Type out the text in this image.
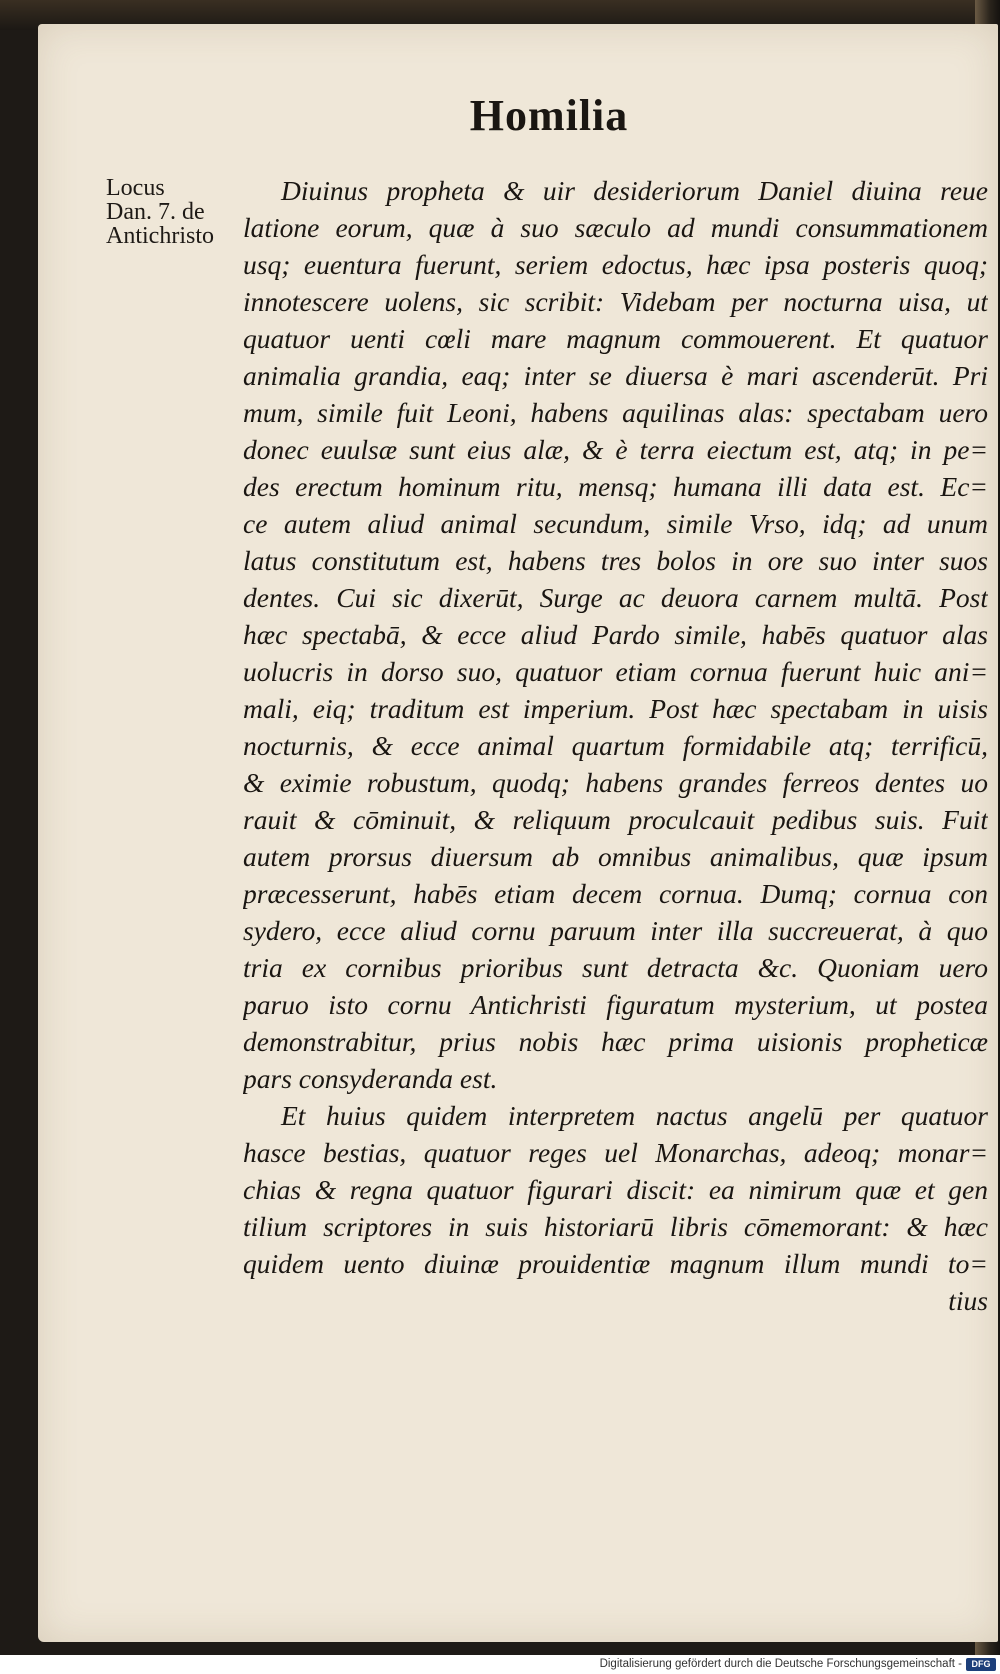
Homilia
Locus
Dan. 7. de
Antichristo
Diuinus propheta & uir desideriorum Daniel diuina reue
latione eorum, quæ à suo sæculo ad mundi consummationem
usq; euentura fuerunt, seriem edoctus, hæc ipsa posteris quoq;
innotescere uolens, sic scribit: Videbam per nocturna uisa, ut
quatuor uenti cœli mare magnum commouerent. Et quatuor
animalia grandia, eaq; inter se diuersa è mari ascenderūt. Pri
mum, simile fuit Leoni, habens aquilinas alas: spectabam uero
donec euulsæ sunt eius alæ, & è terra eiectum est, atq; in pe=
des erectum hominum ritu, mensq; humana illi data est. Ec=
ce autem aliud animal secundum, simile Vrso, idq; ad unum
latus constitutum est, habens tres bolos in ore suo inter suos
dentes. Cui sic dixerūt, Surge ac deuora carnem multā. Post
hæc spectabā, & ecce aliud Pardo simile, habēs quatuor alas
uolucris in dorso suo, quatuor etiam cornua fuerunt huic ani=
mali, eiq; traditum est imperium. Post hæc spectabam in uisis
nocturnis, & ecce animal quartum formidabile atq; terrificū,
& eximie robustum, quodq; habens grandes ferreos dentes uo
rauit & cōminuit, & reliquum proculcauit pedibus suis. Fuit
autem prorsus diuersum ab omnibus animalibus, quæ ipsum
præcesserunt, habēs etiam decem cornua. Dumq; cornua con
sydero, ecce aliud cornu paruum inter illa succreuerat, à quo
tria ex cornibus prioribus sunt detracta &c. Quoniam uero
paruo isto cornu Antichristi figuratum mysterium, ut postea
demonstrabitur, prius nobis hæc prima uisionis propheticæ
pars consyderanda est.
Et huius quidem interpretem nactus angelū per quatuor
hasce bestias, quatuor reges uel Monarchas, adeoq; monar=
chias & regna quatuor figurari discit: ea nimirum quæ et gen
tilium scriptores in suis historiarū libris cōmemorant: & hæc
quidem uento diuinæ prouidentiæ magnum illum mundi to=
tius
Digitalisierung gefördert durch die Deutsche Forschungsgemeinschaft -	DFG
